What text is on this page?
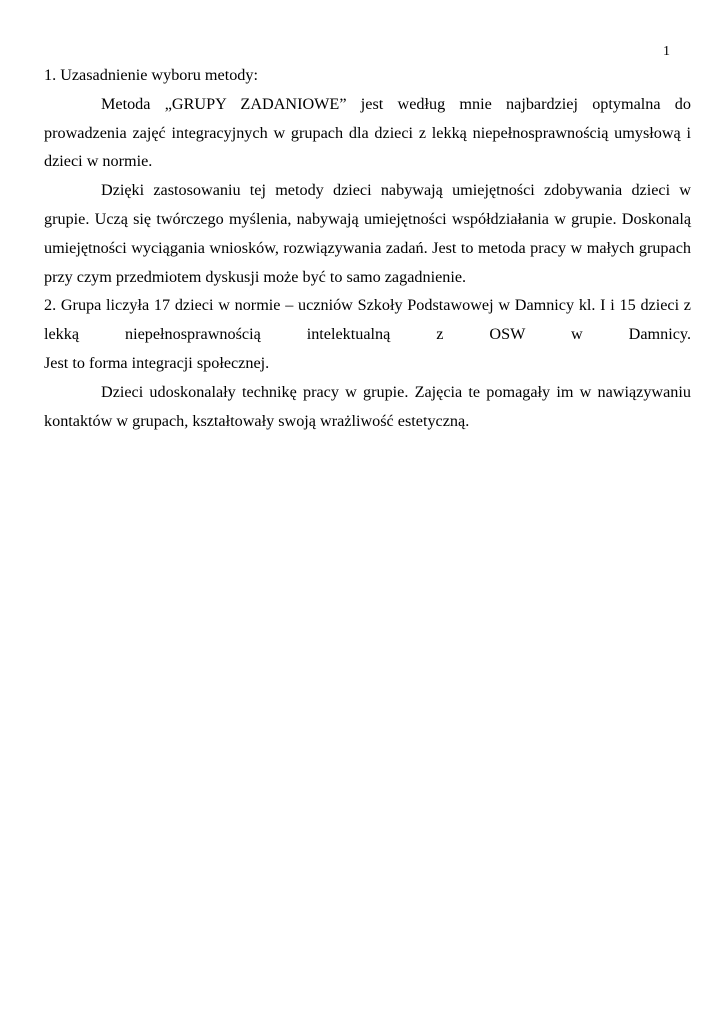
1

1. Uzasadnienie wyboru metody:

Metoda „GRUPY ZADANIOWE” jest według mnie najbardziej optymalna do prowadzenia zajęć integracyjnych w grupach dla dzieci z lekką niepełnosprawnością umysłową i dzieci w normie.

Dzięki zastosowaniu tej metody dzieci nabywają umiejętności zdobywania dzieci w grupie. Uczą się twórczego myślenia, nabywają umiejętności współdziałania w grupie. Doskonalą umiejętności wyciągania wniosków, rozwiązywania zadań. Jest to metoda pracy w małych grupach przy czym przedmiotem dyskusji może być to samo zagadnienie.

2. Grupa liczyła 17 dzieci w normie – uczniów Szkoły Podstawowej w Damnicy kl. I i 15 dzieci z lekką niepełnosprawnością intelektualną z OSW w Damnicy.

Jest to forma integracji społecznej.

Dzieci udoskonalały technikę pracy w grupie. Zajęcia te pomagały im w nawiązywaniu kontaktów w grupach, kształtowały swoją wrażliwość estetyczną.
